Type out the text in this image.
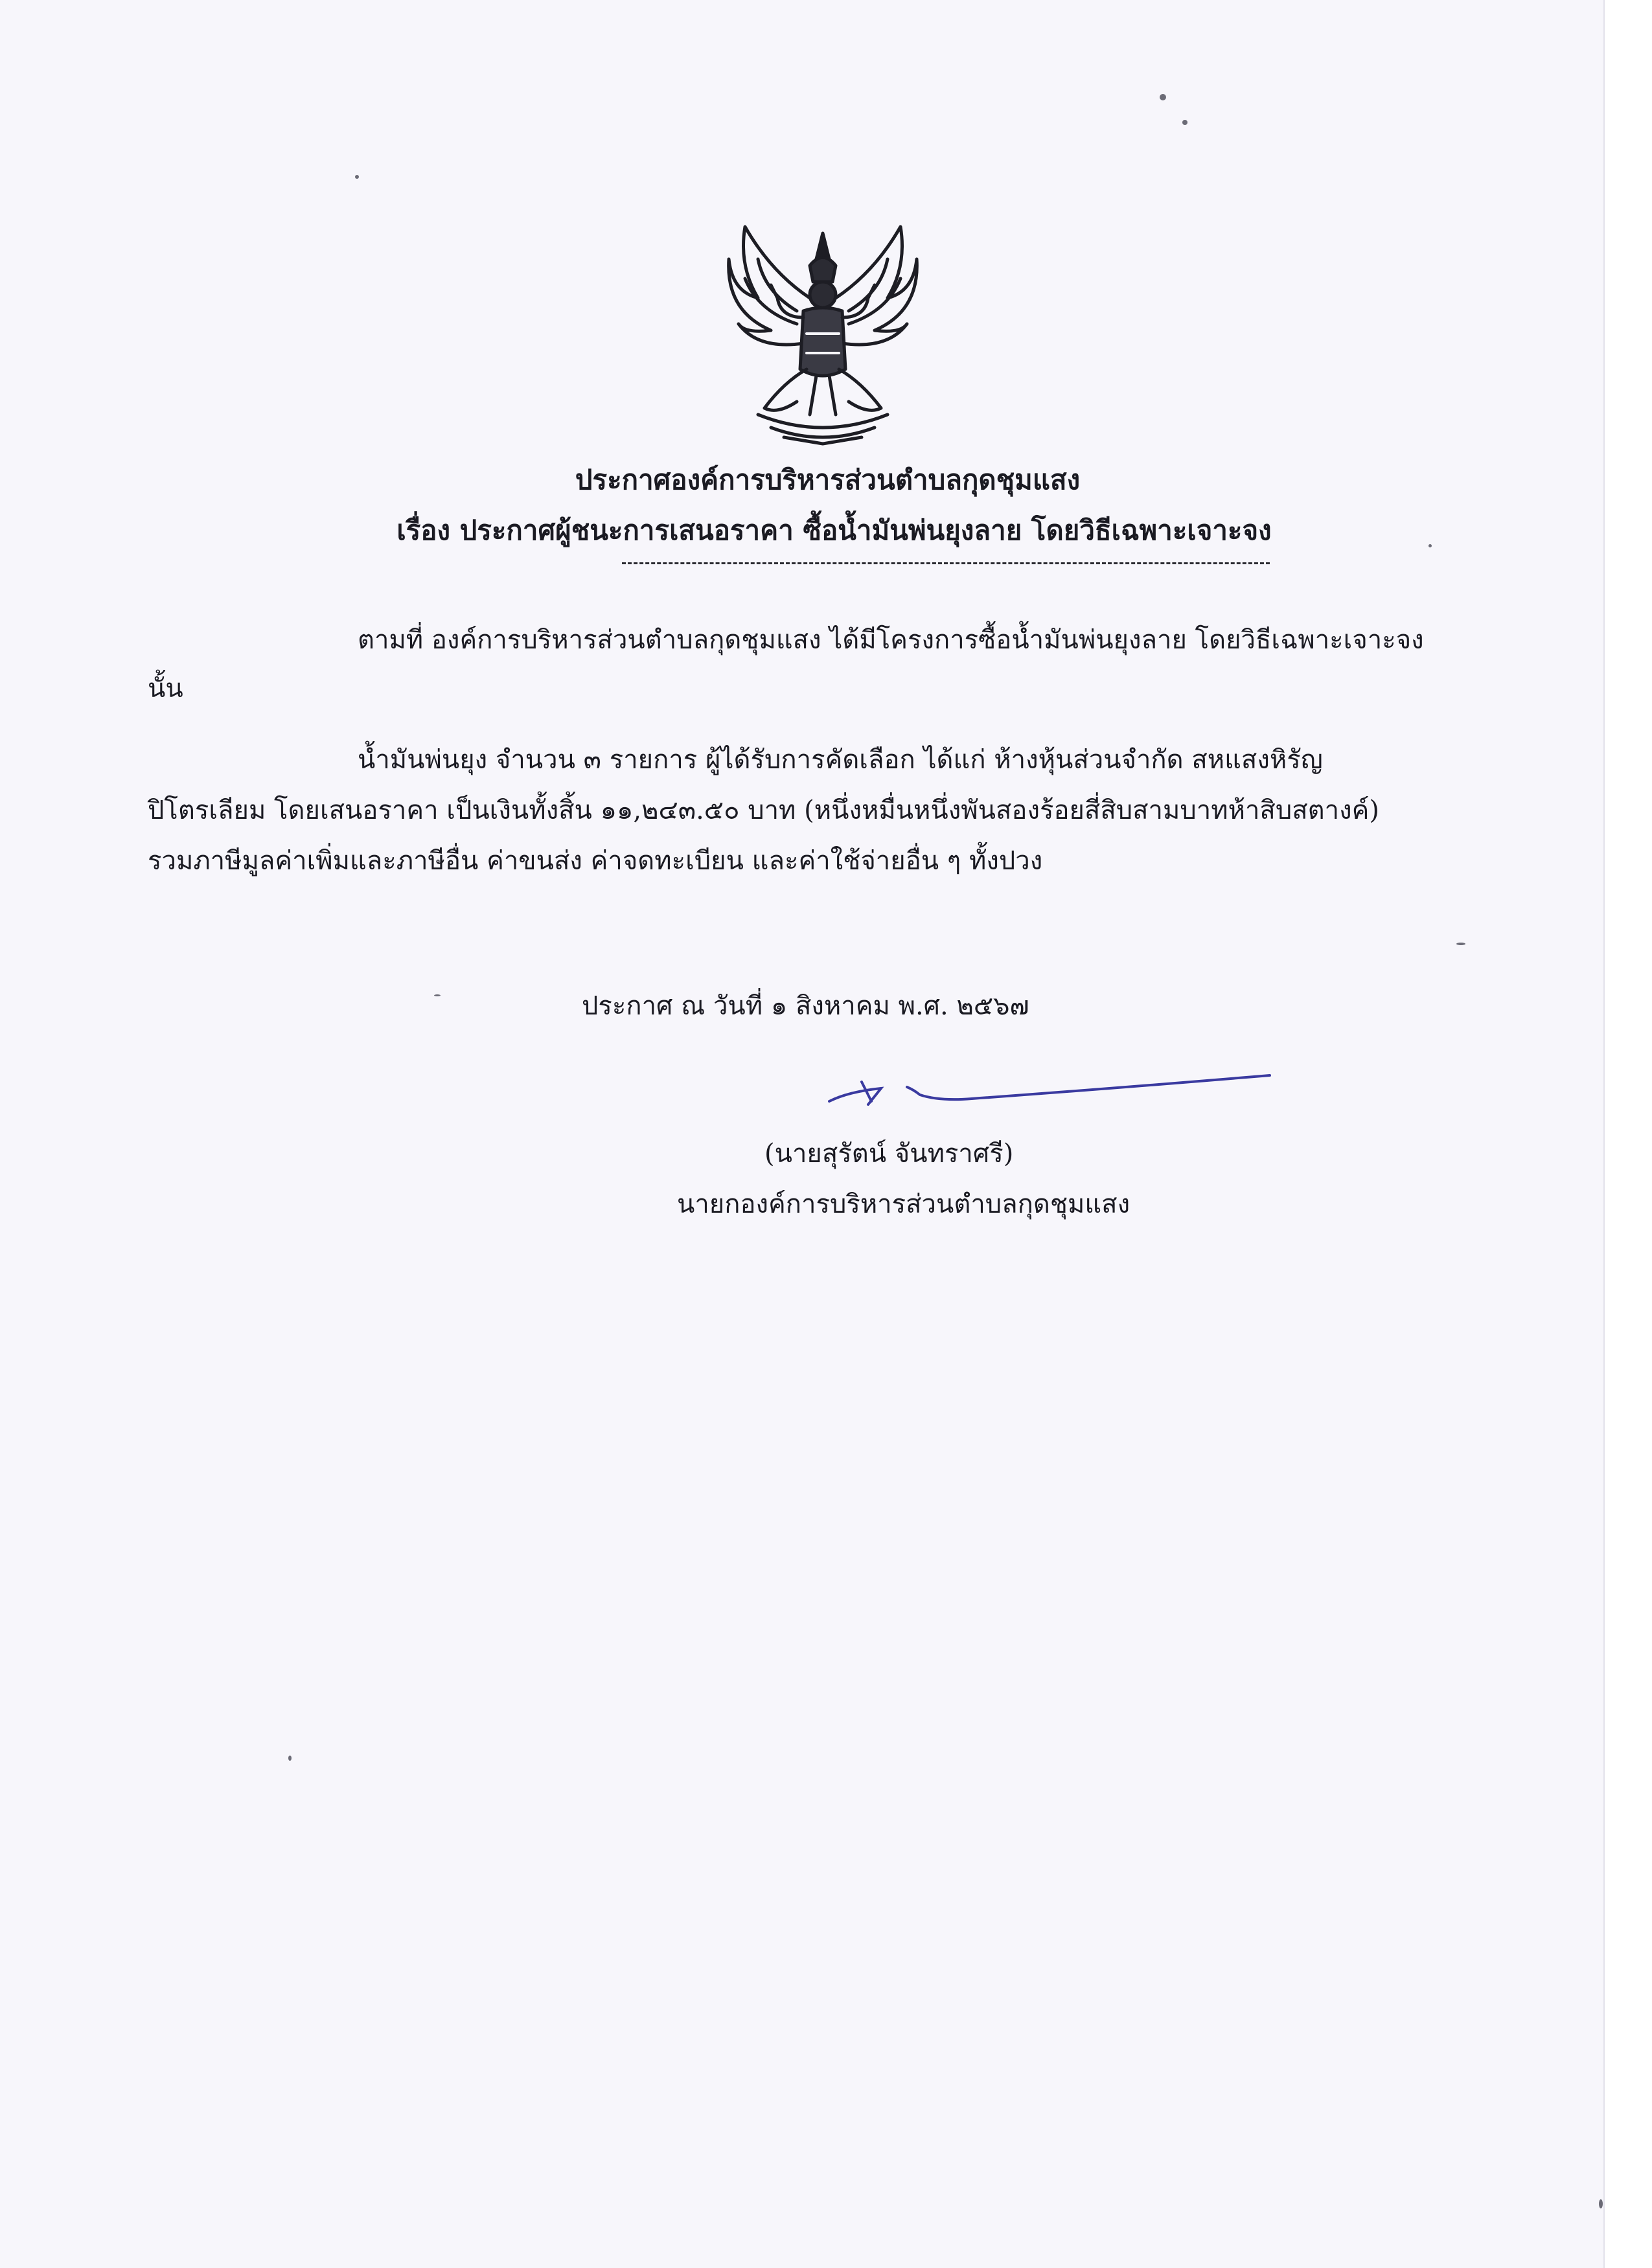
ประกาศองค์การบริหารส่วนตำบลกุดชุมแสง
เรื่อง ประกาศผู้ชนะการเสนอราคา ซื้อน้ำมันพ่นยุงลาย โดยวิธีเฉพาะเจาะจง
ตามที่ องค์การบริหารส่วนตำบลกุดชุมแสง ได้มีโครงการซื้อน้ำมันพ่นยุงลาย โดยวิธีเฉพาะเจาะจง
นั้น
น้ำมันพ่นยุง จำนวน ๓ รายการ ผู้ได้รับการคัดเลือก ได้แก่ ห้างหุ้นส่วนจำกัด สหแสงหิรัญ
ปิโตรเลียม โดยเสนอราคา เป็นเงินทั้งสิ้น ๑๑,๒๔๓.๕๐ บาท (หนึ่งหมื่นหนึ่งพันสองร้อยสี่สิบสามบาทห้าสิบสตางค์)
รวมภาษีมูลค่าเพิ่มและภาษีอื่น ค่าขนส่ง ค่าจดทะเบียน และค่าใช้จ่ายอื่น ๆ ทั้งปวง
ประกาศ ณ วันที่ ๑ สิงหาคม พ.ศ. ๒๕๖๗
(นายสุรัตน์ จันทราศรี)
นายกองค์การบริหารส่วนตำบลกุดชุมแสง
